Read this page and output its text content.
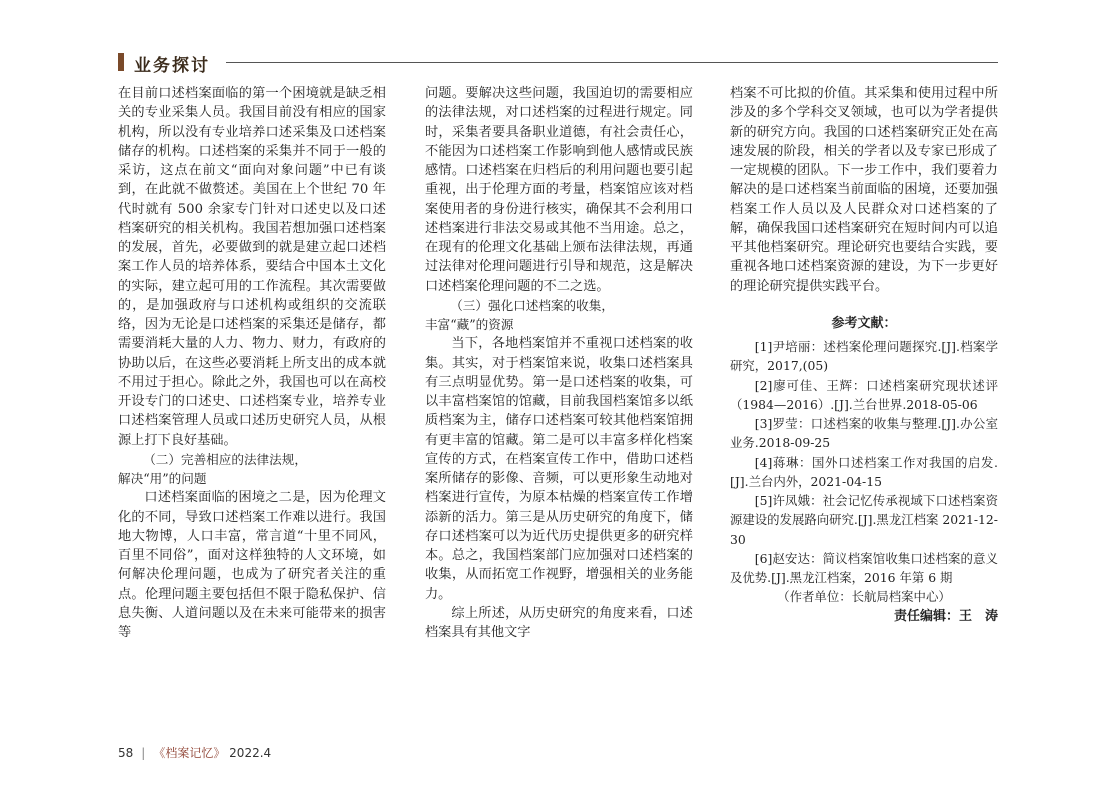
业务探讨

在目前口述档案面临的第一个困境就是缺乏相关的专业采集人员。我国目前没有相应的国家机构，所以没有专业培养口述采集及口述档案储存的机构。口述档案的采集并不同于一般的采访，这点在前文“面向对象问题”中已有谈到，在此就不做赘述。美国在上个世纪 70 年代时就有 500 余家专门针对口述史以及口述档案研究的相关机构。我国若想加强口述档案的发展，首先，必要做到的就是建立起口述档案工作人员的培养体系，要结合中国本土文化的实际，建立起可用的工作流程。其次需要做的，是加强政府与口述机构或组织的交流联络，因为无论是口述档案的采集还是储存，都需要消耗大量的人力、物力、财力，有政府的协助以后，在这些必要消耗上所支出的成本就不用过于担心。除此之外，我国也可以在高校开设专门的口述史、口述档案专业，培养专业口述档案管理人员或口述历史研究人员，从根源上打下良好基础。

（二）完善相应的法律法规，

解决“用”的问题

口述档案面临的困境之二是，因为伦理文化的不同，导致口述档案工作难以进行。我国地大物博，人口丰富，常言道“十里不同风，百里不同俗”，面对这样独特的人文环境，如何解决伦理问题，也成为了研究者关注的重点。伦理问题主要包括但不限于隐私保护、信息失衡、人道问题以及在未来可能带来的损害等

问题。要解决这些问题，我国迫切的需要相应的法律法规，对口述档案的过程进行规定。同时，采集者要具备职业道德，有社会责任心，不能因为口述档案工作影响到他人感情或民族感情。口述档案在归档后的利用问题也要引起重视，出于伦理方面的考量，档案馆应该对档案使用者的身份进行核实，确保其不会利用口述档案进行非法交易或其他不当用途。总之，在现有的伦理文化基础上颁布法律法规，再通过法律对伦理问题进行引导和规范，这是解决口述档案伦理问题的不二之选。

（三）强化口述档案的收集，

丰富“藏”的资源

当下，各地档案馆并不重视口述档案的收集。其实，对于档案馆来说，收集口述档案具有三点明显优势。第一是口述档案的收集，可以丰富档案馆的馆藏，目前我国档案馆多以纸质档案为主，储存口述档案可较其他档案馆拥有更丰富的馆藏。第二是可以丰富多样化档案宣传的方式，在档案宣传工作中，借助口述档案所储存的影像、音频，可以更形象生动地对档案进行宣传，为原本枯燥的档案宣传工作增添新的活力。第三是从历史研究的角度下，储存口述档案可以为近代历史提供更多的研究样本。总之，我国档案部门应加强对口述档案的收集，从而拓宽工作视野，增强相关的业务能力。

综上所述，从历史研究的角度来看，口述档案具有其他文字

档案不可比拟的价值。其采集和使用过程中所涉及的多个学科交叉领域，也可以为学者提供新的研究方向。我国的口述档案研究正处在高速发展的阶段，相关的学者以及专家已形成了一定规模的团队。下一步工作中，我们要着力解决的是口述档案当前面临的困境，还要加强档案工作人员以及人民群众对口述档案的了解，确保我国口述档案研究在短时间内可以追平其他档案研究。理论研究也要结合实践，要重视各地口述档案资源的建设，为下一步更好的理论研究提供实践平台。

参考文献：

[1]尹培丽：述档案伦理问题探究.[J].档案学研究，2017,(05)

[2]廖可佳、王辉：口述档案研究现状述评（1984—2016）.[J].兰台世界.2018-05-06

[3]罗莹：口述档案的收集与整理.[J].办公室业务.2018-09-25

[4]蒋琳：国外口述档案工作对我国的启发.[J].兰台内外，2021-04-15

[5]许凤娥：社会记忆传承视域下口述档案资源建设的发展路向研究.[J].黑龙江档案 2021-12-30

[6]赵安达：简议档案馆收集口述档案的意义及优势.[J].黑龙江档案，2016 年第 6 期

（作者单位：长航局档案中心）
责任编辑：王　涛
58 | 《档案记忆》 2022.4
